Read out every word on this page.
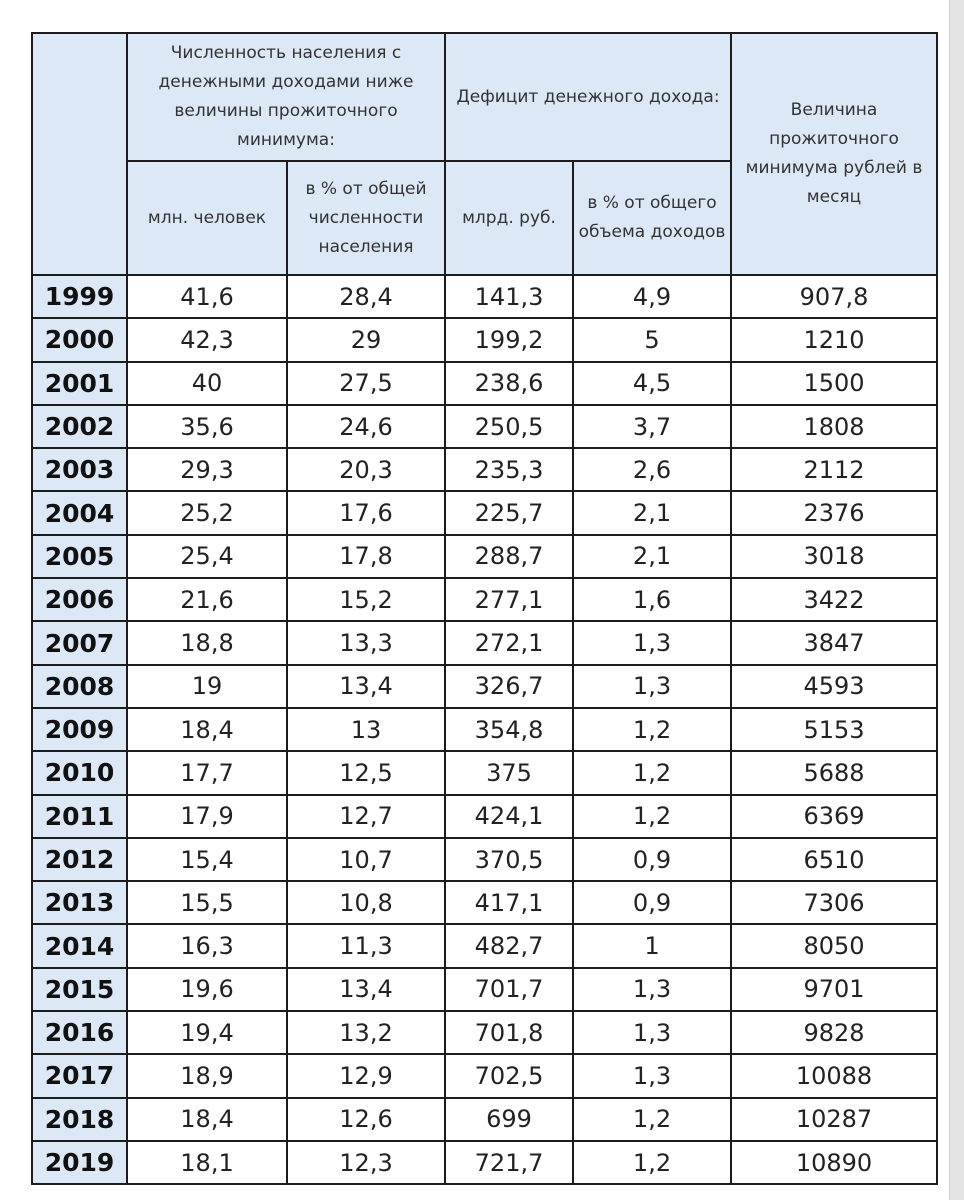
	Численность населения с денежными доходами ниже величины прожиточного минимума:		Дефицит денежного дохода:		Величина прожиточного минимума рублей в месяц
	млн. человек	в % от общей численности населения	млрд. руб.	в % от общего объема доходов	
1999	41,6	28,4	141,3	4,9	907,8
2000	42,3	29	199,2	5	1210
2001	40	27,5	238,6	4,5	1500
2002	35,6	24,6	250,5	3,7	1808
2003	29,3	20,3	235,3	2,6	2112
2004	25,2	17,6	225,7	2,1	2376
2005	25,4	17,8	288,7	2,1	3018
2006	21,6	15,2	277,1	1,6	3422
2007	18,8	13,3	272,1	1,3	3847
2008	19	13,4	326,7	1,3	4593
2009	18,4	13	354,8	1,2	5153
2010	17,7	12,5	375	1,2	5688
2011	17,9	12,7	424,1	1,2	6369
2012	15,4	10,7	370,5	0,9	6510
2013	15,5	10,8	417,1	0,9	7306
2014	16,3	11,3	482,7	1	8050
2015	19,6	13,4	701,7	1,3	9701
2016	19,4	13,2	701,8	1,3	9828
2017	18,9	12,9	702,5	1,3	10088
2018	18,4	12,6	699	1,2	10287
2019	18,1	12,3	721,7	1,2	10890
